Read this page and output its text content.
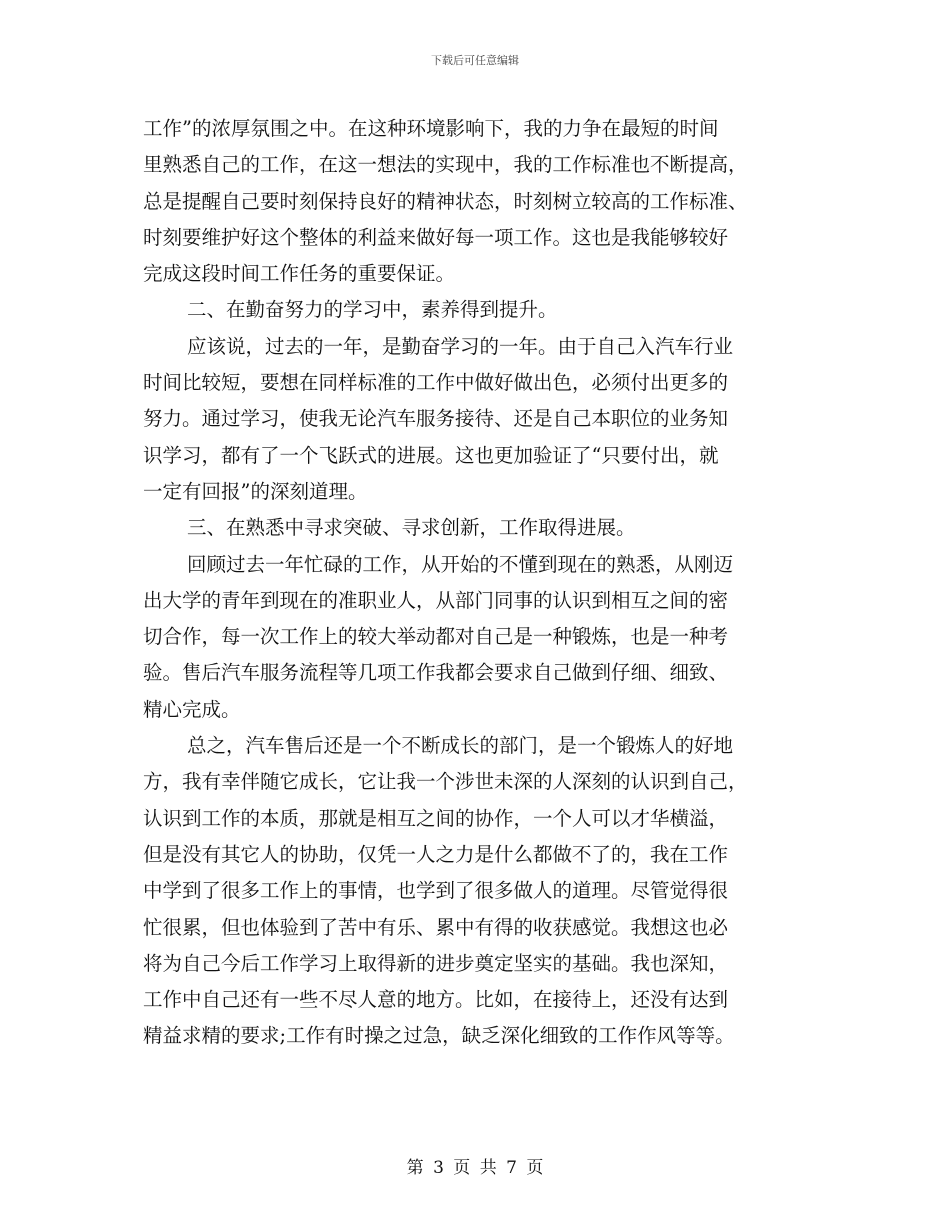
下载后可任意编辑
工作”的浓厚氛围之中。在这种环境影响下，我的力争在最短的时间
里熟悉自己的工作，在这一想法的实现中，我的工作标准也不断提高，
总是提醒自己要时刻保持良好的精神状态，时刻树立较高的工作标准、
时刻要维护好这个整体的利益来做好每一项工作。这也是我能够较好
完成这段时间工作任务的重要保证。
二、在勤奋努力的学习中，素养得到提升。
应该说，过去的一年，是勤奋学习的一年。由于自己入汽车行业
时间比较短，要想在同样标准的工作中做好做出色，必须付出更多的
努力。通过学习，使我无论汽车服务接待、还是自己本职位的业务知
识学习，都有了一个飞跃式的进展。这也更加验证了“只要付出，就
一定有回报”的深刻道理。
三、在熟悉中寻求突破、寻求创新，工作取得进展。
回顾过去一年忙碌的工作，从开始的不懂到现在的熟悉，从刚迈
出大学的青年到现在的准职业人，从部门同事的认识到相互之间的密
切合作，每一次工作上的较大举动都对自己是一种锻炼，也是一种考
验。售后汽车服务流程等几项工作我都会要求自己做到仔细、细致、
精心完成。
总之，汽车售后还是一个不断成长的部门，是一个锻炼人的好地
方，我有幸伴随它成长，它让我一个涉世未深的人深刻的认识到自己，
认识到工作的本质，那就是相互之间的协作，一个人可以才华横溢，
但是没有其它人的协助，仅凭一人之力是什么都做不了的，我在工作
中学到了很多工作上的事情，也学到了很多做人的道理。尽管觉得很
忙很累，但也体验到了苦中有乐、累中有得的收获感觉。我想这也必
将为自己今后工作学习上取得新的进步奠定坚实的基础。我也深知，
工作中自己还有一些不尽人意的地方。比如，在接待上，还没有达到
精益求精的要求;工作有时操之过急，缺乏深化细致的工作作风等等。
第 3 页 共 7 页
